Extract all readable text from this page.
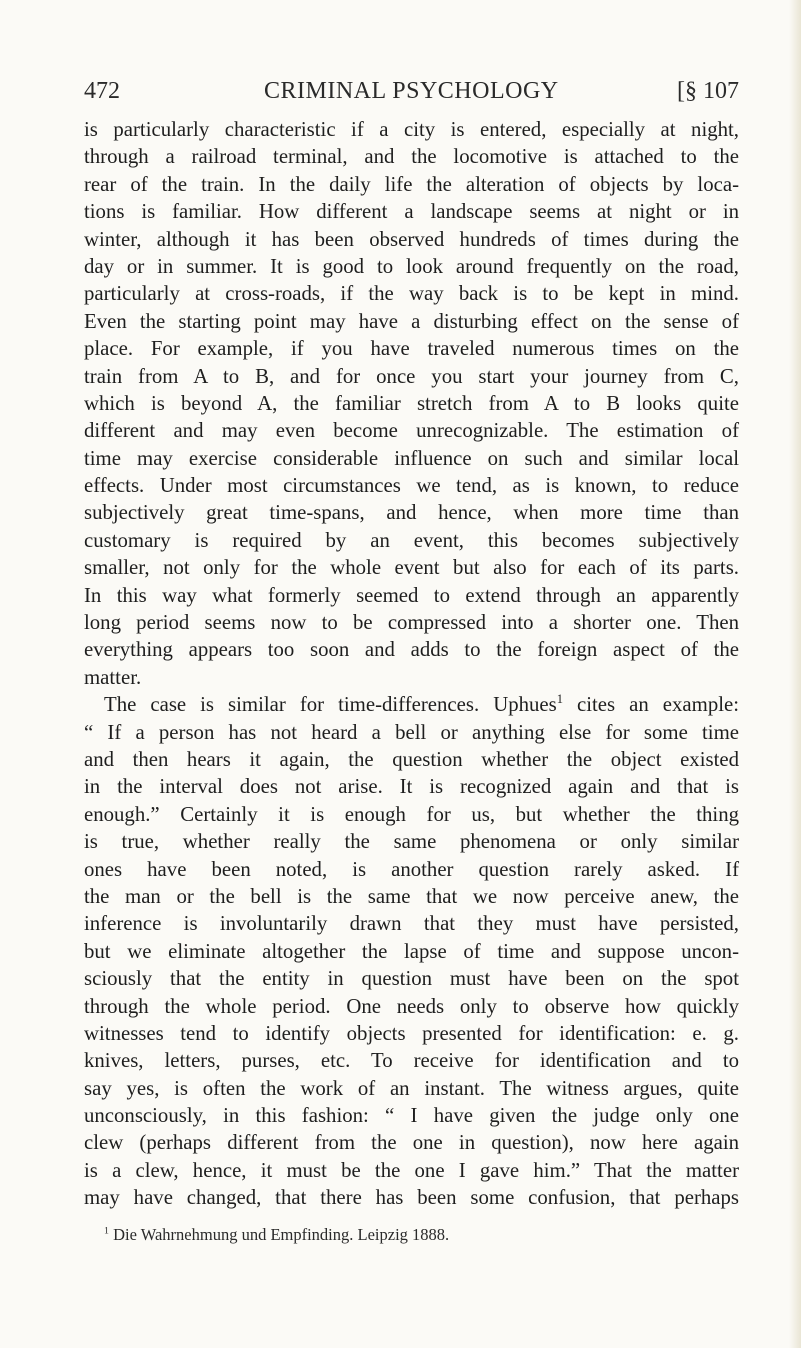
472	CRIMINAL PSYCHOLOGY	[§ 107
is particularly characteristic if a city is entered, especially at night,
through a railroad terminal, and the locomotive is attached to the
rear of the train. In the daily life the alteration of objects by loca-
tions is familiar. How different a landscape seems at night or in
winter, although it has been observed hundreds of times during the
day or in summer. It is good to look around frequently on the road,
particularly at cross-roads, if the way back is to be kept in mind.
Even the starting point may have a disturbing effect on the sense of
place. For example, if you have traveled numerous times on the
train from A to B, and for once you start your journey from C,
which is beyond A, the familiar stretch from A to B looks quite
different and may even become unrecognizable. The estimation of
time may exercise considerable influence on such and similar local
effects. Under most circumstances we tend, as is known, to reduce
subjectively great time-spans, and hence, when more time than
customary is required by an event, this becomes subjectively
smaller, not only for the whole event but also for each of its parts.
In this way what formerly seemed to extend through an apparently
long period seems now to be compressed into a shorter one. Then
everything appears too soon and adds to the foreign aspect of the
matter.
The case is similar for time-differences. Uphues$^1$ cites an example:
“ If a person has not heard a bell or anything else for some time
and then hears it again, the question whether the object existed
in the interval does not arise. It is recognized again and that is
enough.” Certainly it is enough for us, but whether the thing
is true, whether really the same phenomena or only similar
ones have been noted, is another question rarely asked. If
the man or the bell is the same that we now perceive anew, the
inference is involuntarily drawn that they must have persisted,
but we eliminate altogether the lapse of time and suppose uncon-
sciously that the entity in question must have been on the spot
through the whole period. One needs only to observe how quickly
witnesses tend to identify objects presented for identification: e. g.
knives, letters, purses, etc. To receive for identification and to
say yes, is often the work of an instant. The witness argues, quite
unconsciously, in this fashion: “ I have given the judge only one
clew (perhaps different from the one in question), now here again
is a clew, hence, it must be the one I gave him.” That the matter
may have changed, that there has been some confusion, that perhaps
$^1$ Die Wahrnehmung und Empfinding. Leipzig 1888.
